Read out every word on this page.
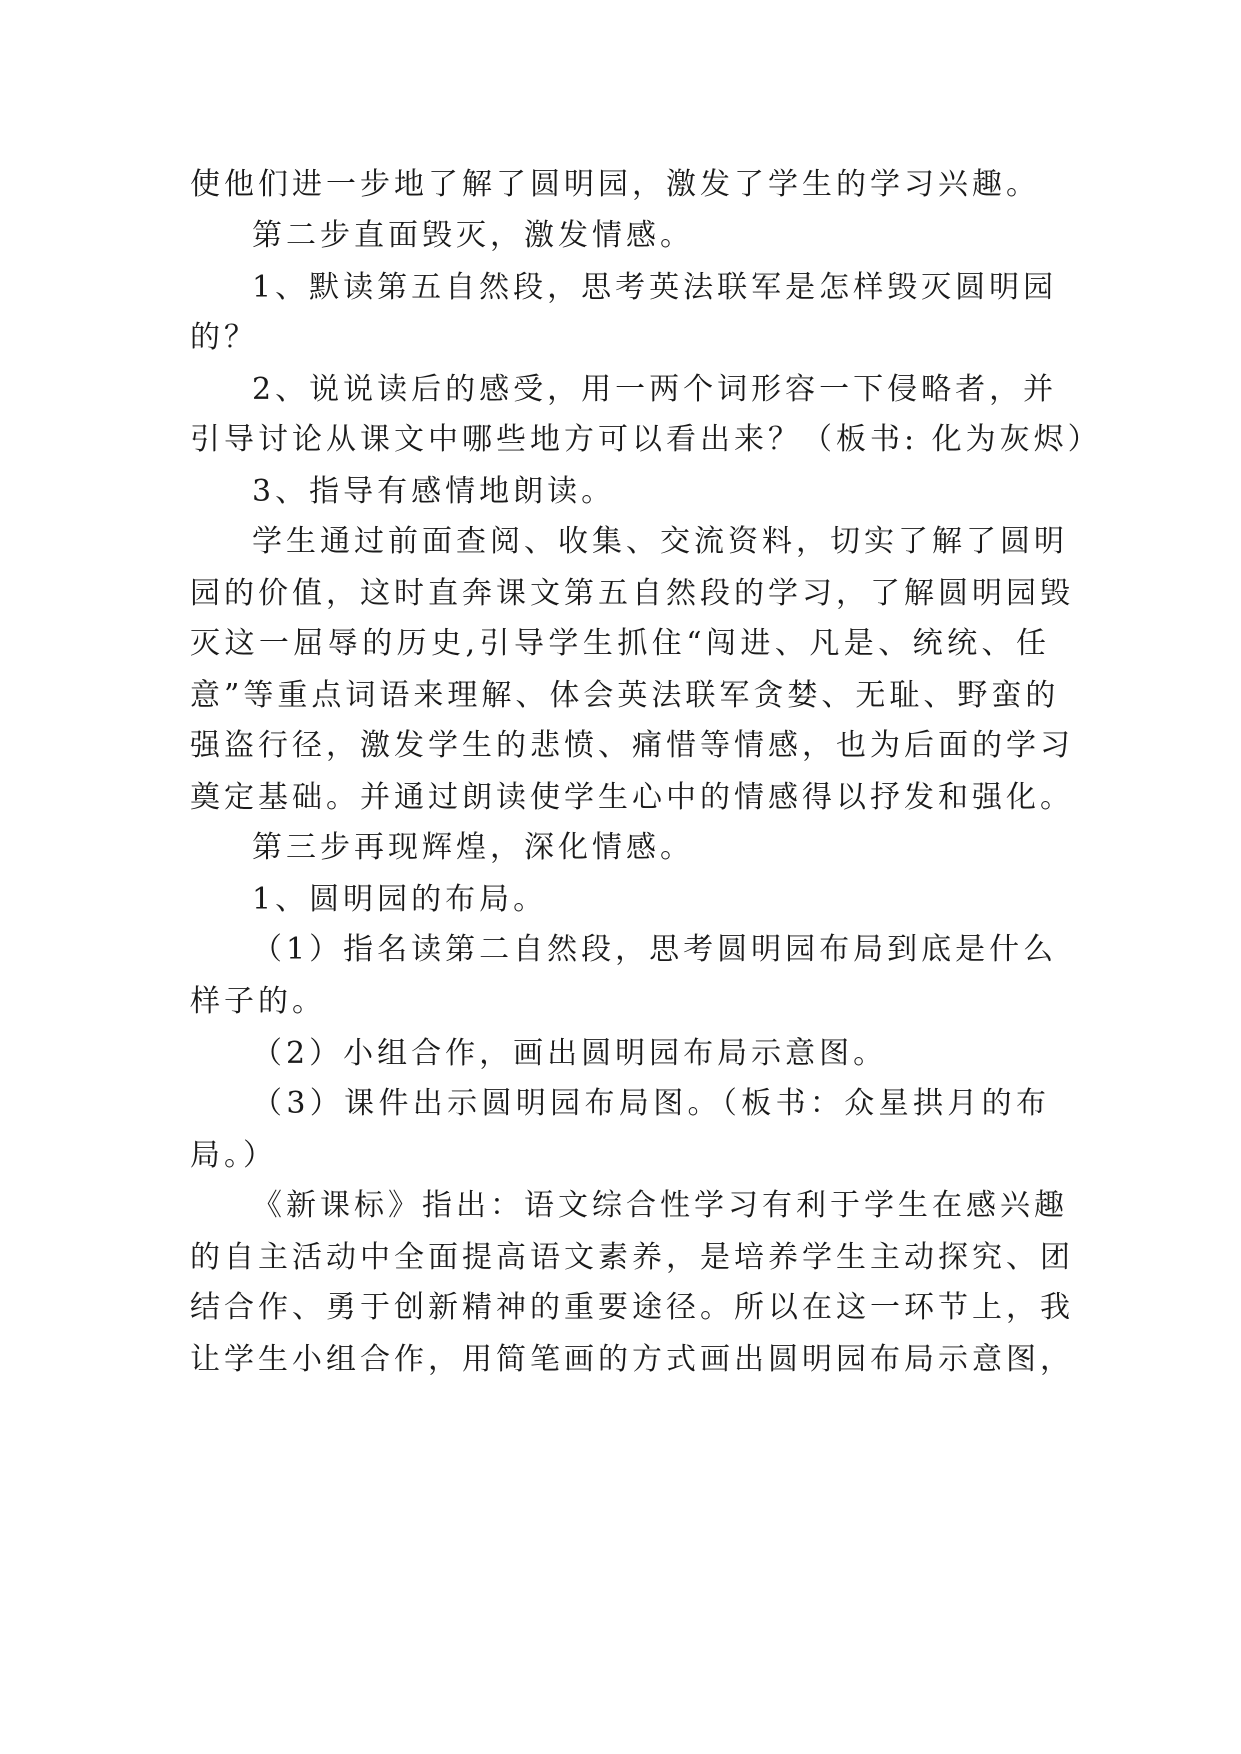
使他们进一步地了解了圆明园，激发了学生的学习兴趣。
第二步直面毁灭，激发情感。
1、默读第五自然段，思考英法联军是怎样毁灭圆明园
的？
2、说说读后的感受，用一两个词形容一下侵略者，并
引导讨论从课文中哪些地方可以看出来？（板书: 化为灰烬）
3、指导有感情地朗读。
学生通过前面查阅、收集、交流资料，切实了解了圆明
园的价值，这时直奔课文第五自然段的学习，了解圆明园毁
灭这一屈辱的历史,引导学生抓住“闯进、凡是、统统、任
意”等重点词语来理解、体会英法联军贪婪、无耻、野蛮的
强盗行径，激发学生的悲愤、痛惜等情感，也为后面的学习
奠定基础。并通过朗读使学生心中的情感得以抒发和强化。
第三步再现辉煌，深化情感。
1、圆明园的布局。
（1）指名读第二自然段，思考圆明园布局到底是什么
样子的。
（2）小组合作，画出圆明园布局示意图。
（3）课件出示圆明园布局图。（板书：众星拱月的布
局。）
《新课标》指出：语文综合性学习有利于学生在感兴趣
的自主活动中全面提高语文素养，是培养学生主动探究、团
结合作、勇于创新精神的重要途径。所以在这一环节上，我
让学生小组合作，用简笔画的方式画出圆明园布局示意图，
